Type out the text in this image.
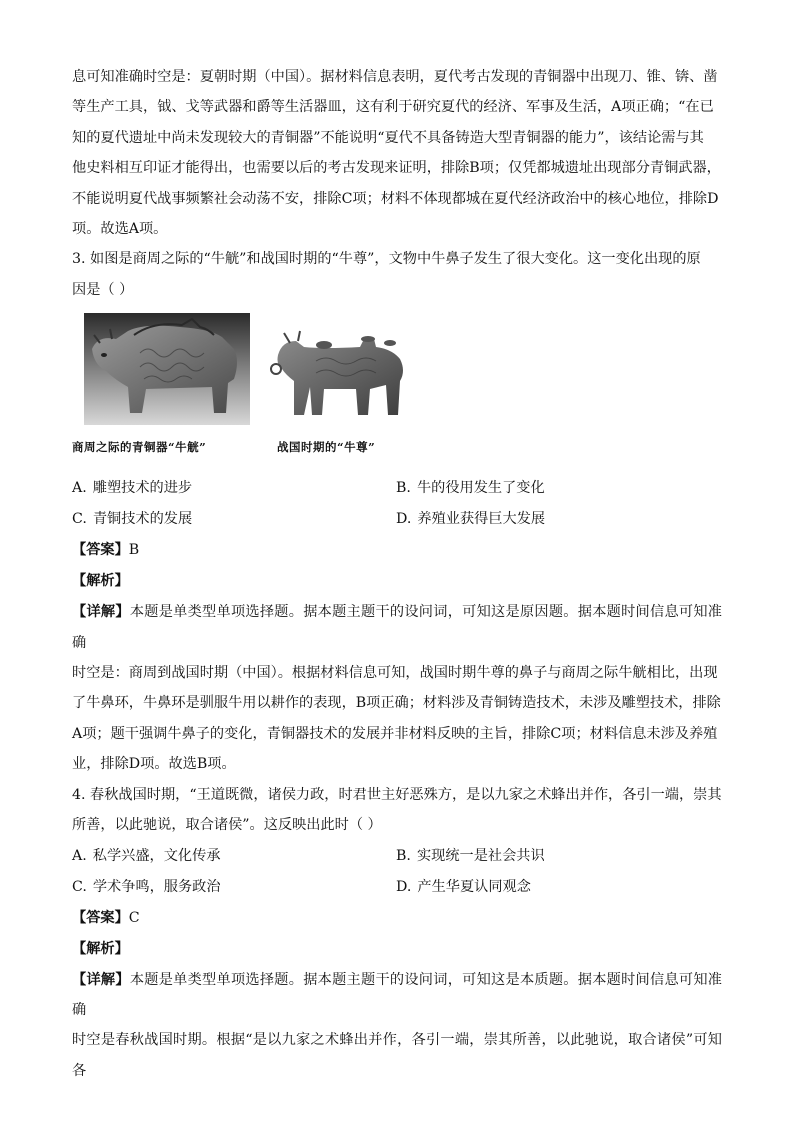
息可知准确时空是：夏朝时期（中国）。据材料信息表明，夏代考古发现的青铜器中出现刀、锥、锛、凿

等生产工具，钺、戈等武器和爵等生活器皿，这有利于研究夏代的经济、军事及生活，A项正确；“在已

知的夏代遗址中尚未发现较大的青铜器”不能说明“夏代不具备铸造大型青铜器的能力”，该结论需与其

他史料相互印证才能得出，也需要以后的考古发现来证明，排除B项；仅凭都城遗址出现部分青铜武器，

不能说明夏代战事频繁社会动荡不安，排除C项；材料不体现都城在夏代经济政治中的核心地位，排除D

项。故选A项。

3. 如图是商周之际的“牛觥”和战国时期的“牛尊”，文物中牛鼻子发生了很大变化。这一变化出现的原

因是（ ）

商周之际的青铜器“牛觥”	战国时期的“牛尊”
A. 雕塑技术的进步	B. 牛的役用发生了变化
C. 青铜技术的发展	D. 养殖业获得巨大发展
【答案】B
【解析】

【详解】本题是单类型单项选择题。据本题主题干的设问词，可知这是原因题。据本题时间信息可知准确

时空是：商周到战国时期（中国）。根据材料信息可知，战国时期牛尊的鼻子与商周之际牛觥相比，出现

了牛鼻环，牛鼻环是驯服牛用以耕作的表现，B项正确；材料涉及青铜铸造技术，未涉及雕塑技术，排除

A项；题干强调牛鼻子的变化，青铜器技术的发展并非材料反映的主旨，排除C项；材料信息未涉及养殖

业，排除D项。故选B项。

4. 春秋战国时期，“王道既微，诸侯力政，时君世主好恶殊方，是以九家之术蜂出并作，各引一端，崇其

所善，以此驰说，取合诸侯”。这反映出此时（ ）

A. 私学兴盛，文化传承	B. 实现统一是社会共识
C. 学术争鸣，服务政治	D. 产生华夏认同观念
【答案】C
【解析】

【详解】本题是单类型单项选择题。据本题主题干的设问词，可知这是本质题。据本题时间信息可知准确

时空是春秋战国时期。根据“是以九家之术蜂出并作，各引一端，崇其所善，以此驰说，取合诸侯”可知各
